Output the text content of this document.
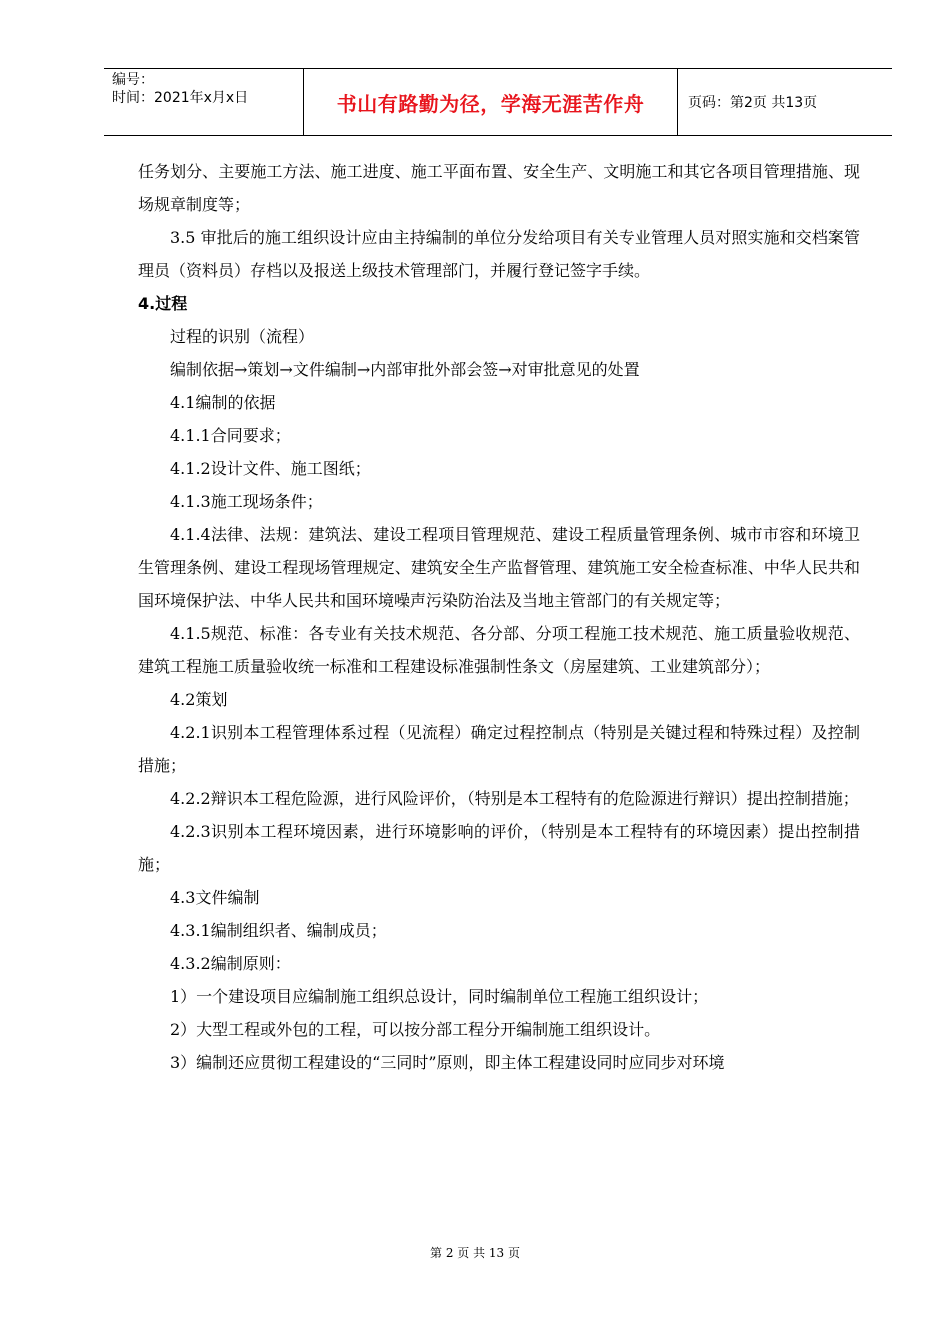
编号：
时间：2021年x月x日	书山有路勤为径，学海无涯苦作舟	页码：第2页 共13页

任务划分、主要施工方法、施工进度、施工平面布置、安全生产、文明施工和其它各项目管理措施、现场规章制度等；

3.5 审批后的施工组织设计应由主持编制的单位分发给项目有关专业管理人员对照实施和交档案管理员（资料员）存档以及报送上级技术管理部门，并履行登记签字手续。

4.过程

过程的识别（流程）

编制依据→策划→文件编制→内部审批外部会签→对审批意见的处置

4.1编制的依据

4.1.1合同要求；

4.1.2设计文件、施工图纸；

4.1.3施工现场条件；

4.1.4法律、法规：建筑法、建设工程项目管理规范、建设工程质量管理条例、城市市容和环境卫生管理条例、建设工程现场管理规定、建筑安全生产监督管理、建筑施工安全检查标准、中华人民共和国环境保护法、中华人民共和国环境噪声污染防治法及当地主管部门的有关规定等；

4.1.5规范、标准：各专业有关技术规范、各分部、分项工程施工技术规范、施工质量验收规范、建筑工程施工质量验收统一标准和工程建设标准强制性条文（房屋建筑、工业建筑部分）；

4.2策划

4.2.1识别本工程管理体系过程（见流程）确定过程控制点（特别是关键过程和特殊过程）及控制措施；

4.2.2辩识本工程危险源，进行风险评价，（特别是本工程特有的危险源进行辩识）提出控制措施；

4.2.3识别本工程环境因素，进行环境影响的评价，（特别是本工程特有的环境因素）提出控制措施；

4.3文件编制

4.3.1编制组织者、编制成员；

4.3.2编制原则：

1）一个建设项目应编制施工组织总设计，同时编制单位工程施工组织设计；

2）大型工程或外包的工程，可以按分部工程分开编制施工组织设计。

3）编制还应贯彻工程建设的“三同时”原则，即主体工程建设同时应同步对环境

第 2 页 共 13 页
